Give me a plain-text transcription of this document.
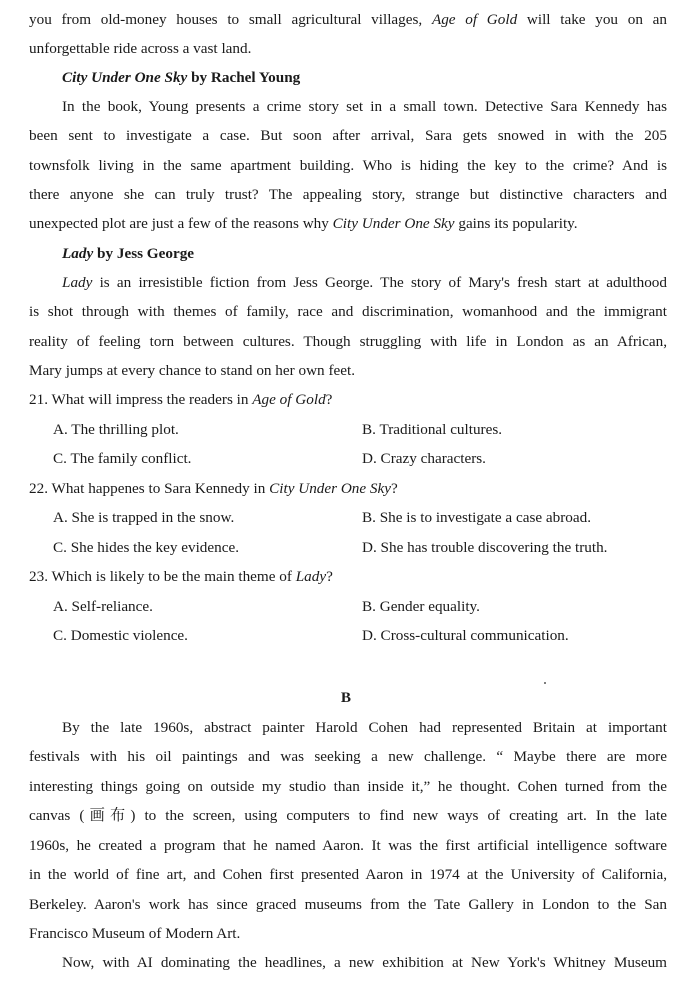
you from old-money houses to small agricultural villages, Age of Gold will take you on an
unforgettable ride across a vast land.
City Under One Sky by Rachel Young
In the book, Young presents a crime story set in a small town. Detective Sara Kennedy has
been sent to investigate a case. But soon after arrival, Sara gets snowed in with the 205
townsfolk living in the same apartment building. Who is hiding the key to the crime? And is
there anyone she can truly trust? The appealing story, strange but distinctive characters and
unexpected plot are just a few of the reasons why City Under One Sky gains its popularity.
Lady by Jess George
Lady is an irresistible fiction from Jess George. The story of Mary's fresh start at adulthood
is shot through with themes of family, race and discrimination, womanhood and the immigrant
reality of feeling torn between cultures. Though struggling with life in London as an African,
Mary jumps at every chance to stand on her own feet.
21. What will impress the readers in Age of Gold?
A. The thrilling plot.	B. Traditional cultures.
C. The family conflict.	D. Crazy characters.
22. What happenes to Sara Kennedy in City Under One Sky?
A. She is trapped in the snow.	B. She is to investigate a case abroad.
C. She hides the key evidence.	D. She has trouble discovering the truth.
23. Which is likely to be the main theme of Lady?
A. Self-reliance.	B. Gender equality.
C. Domestic violence.	D. Cross-cultural communication.
B
By the late 1960s, abstract painter Harold Cohen had represented Britain at important
festivals with his oil paintings and was seeking a new challenge. “ Maybe there are more
interesting things going on outside my studio than inside it,” he thought. Cohen turned from the
canvas (画布) to the screen, using computers to find new ways of creating art. In the late
1960s, he created a program that he named Aaron. It was the first artificial intelligence software
in the world of fine art, and Cohen first presented Aaron in 1974 at the University of California,
Berkeley. Aaron's work has since graced museums from the Tate Gallery in London to the San
Francisco Museum of Modern Art.
Now, with AI dominating the headlines, a new exhibition at New York's Whitney Museum
